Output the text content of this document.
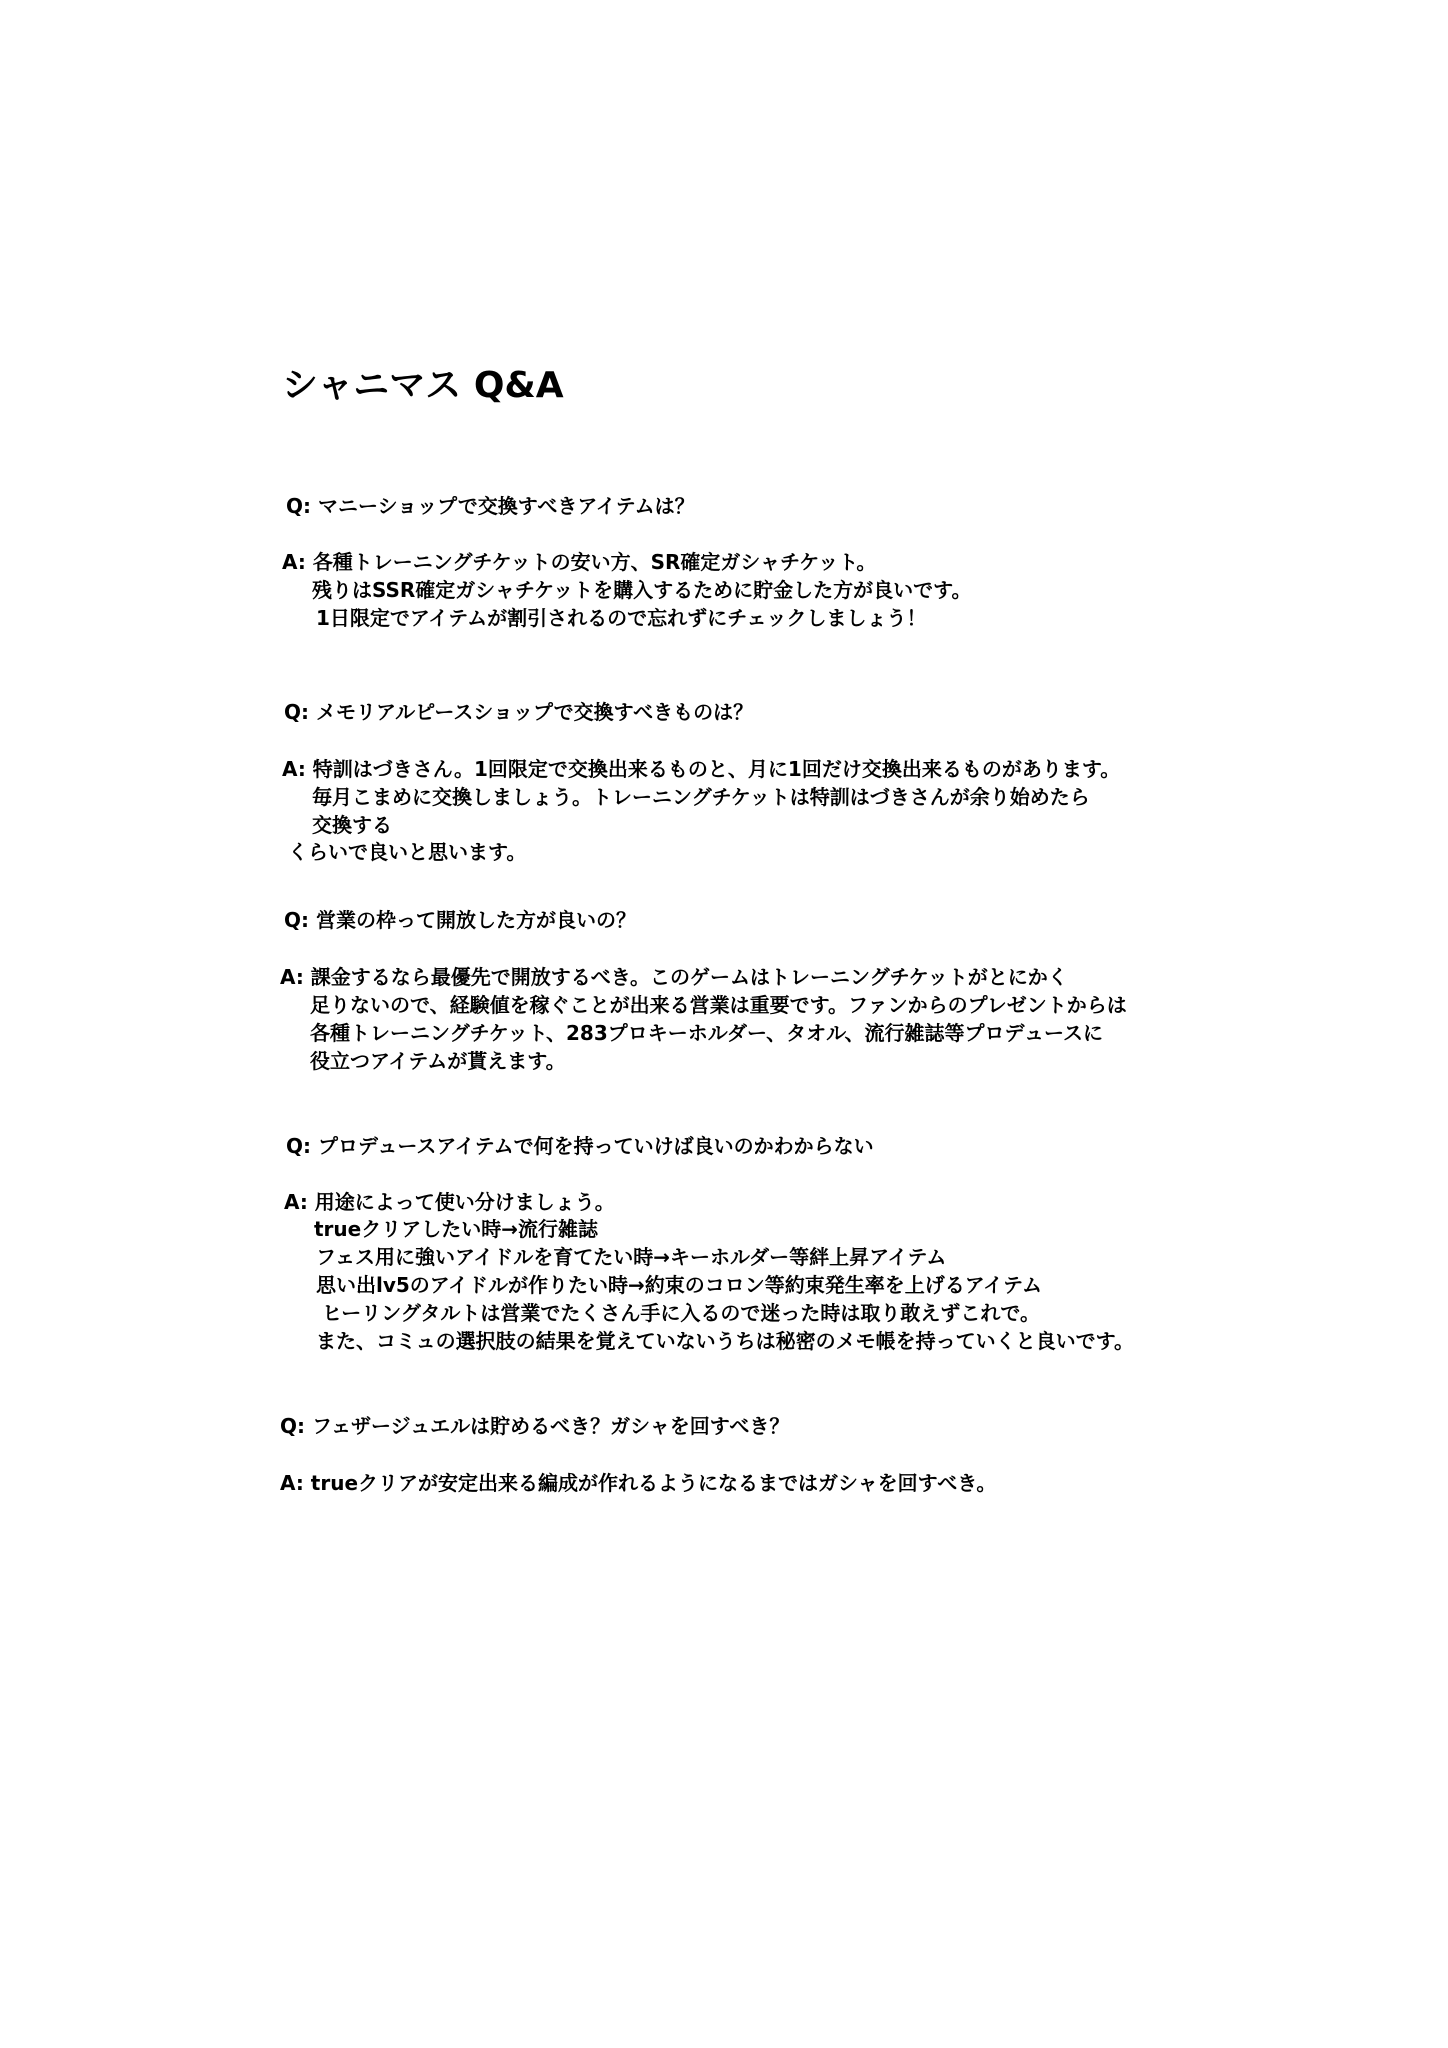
シャニマス Q&A
Q: マニーショップで交換すべきアイテムは？
A: 各種トレーニングチケットの安い方、SR確定ガシャチケット。
残りはSSR確定ガシャチケットを購入するために貯金した方が良いです。
1日限定でアイテムが割引されるので忘れずにチェックしましょう！
Q: メモリアルピースショップで交換すべきものは？
A: 特訓はづきさん。1回限定で交換出来るものと、月に1回だけ交換出来るものがあります。
毎月こまめに交換しましょう。トレーニングチケットは特訓はづきさんが余り始めたら
交換する
くらいで良いと思います。
Q: 営業の枠って開放した方が良いの？
A: 課金するなら最優先で開放するべき。このゲームはトレーニングチケットがとにかく
足りないので、経験値を稼ぐことが出来る営業は重要です。ファンからのプレゼントからは
各種トレーニングチケット、283プロキーホルダー、タオル、流行雑誌等プロデュースに
役立つアイテムが貰えます。
Q: プロデュースアイテムで何を持っていけば良いのかわからない
A: 用途によって使い分けましょう。
trueクリアしたい時→流行雑誌
フェス用に強いアイドルを育てたい時→キーホルダー等絆上昇アイテム
思い出lv5のアイドルが作りたい時→約束のコロン等約束発生率を上げるアイテム
ヒーリングタルトは営業でたくさん手に入るので迷った時は取り敢えずこれで。
また、コミュの選択肢の結果を覚えていないうちは秘密のメモ帳を持っていくと良いです。
Q: フェザージュエルは貯めるべき？ガシャを回すべき？
A: trueクリアが安定出来る編成が作れるようになるまではガシャを回すべき。
